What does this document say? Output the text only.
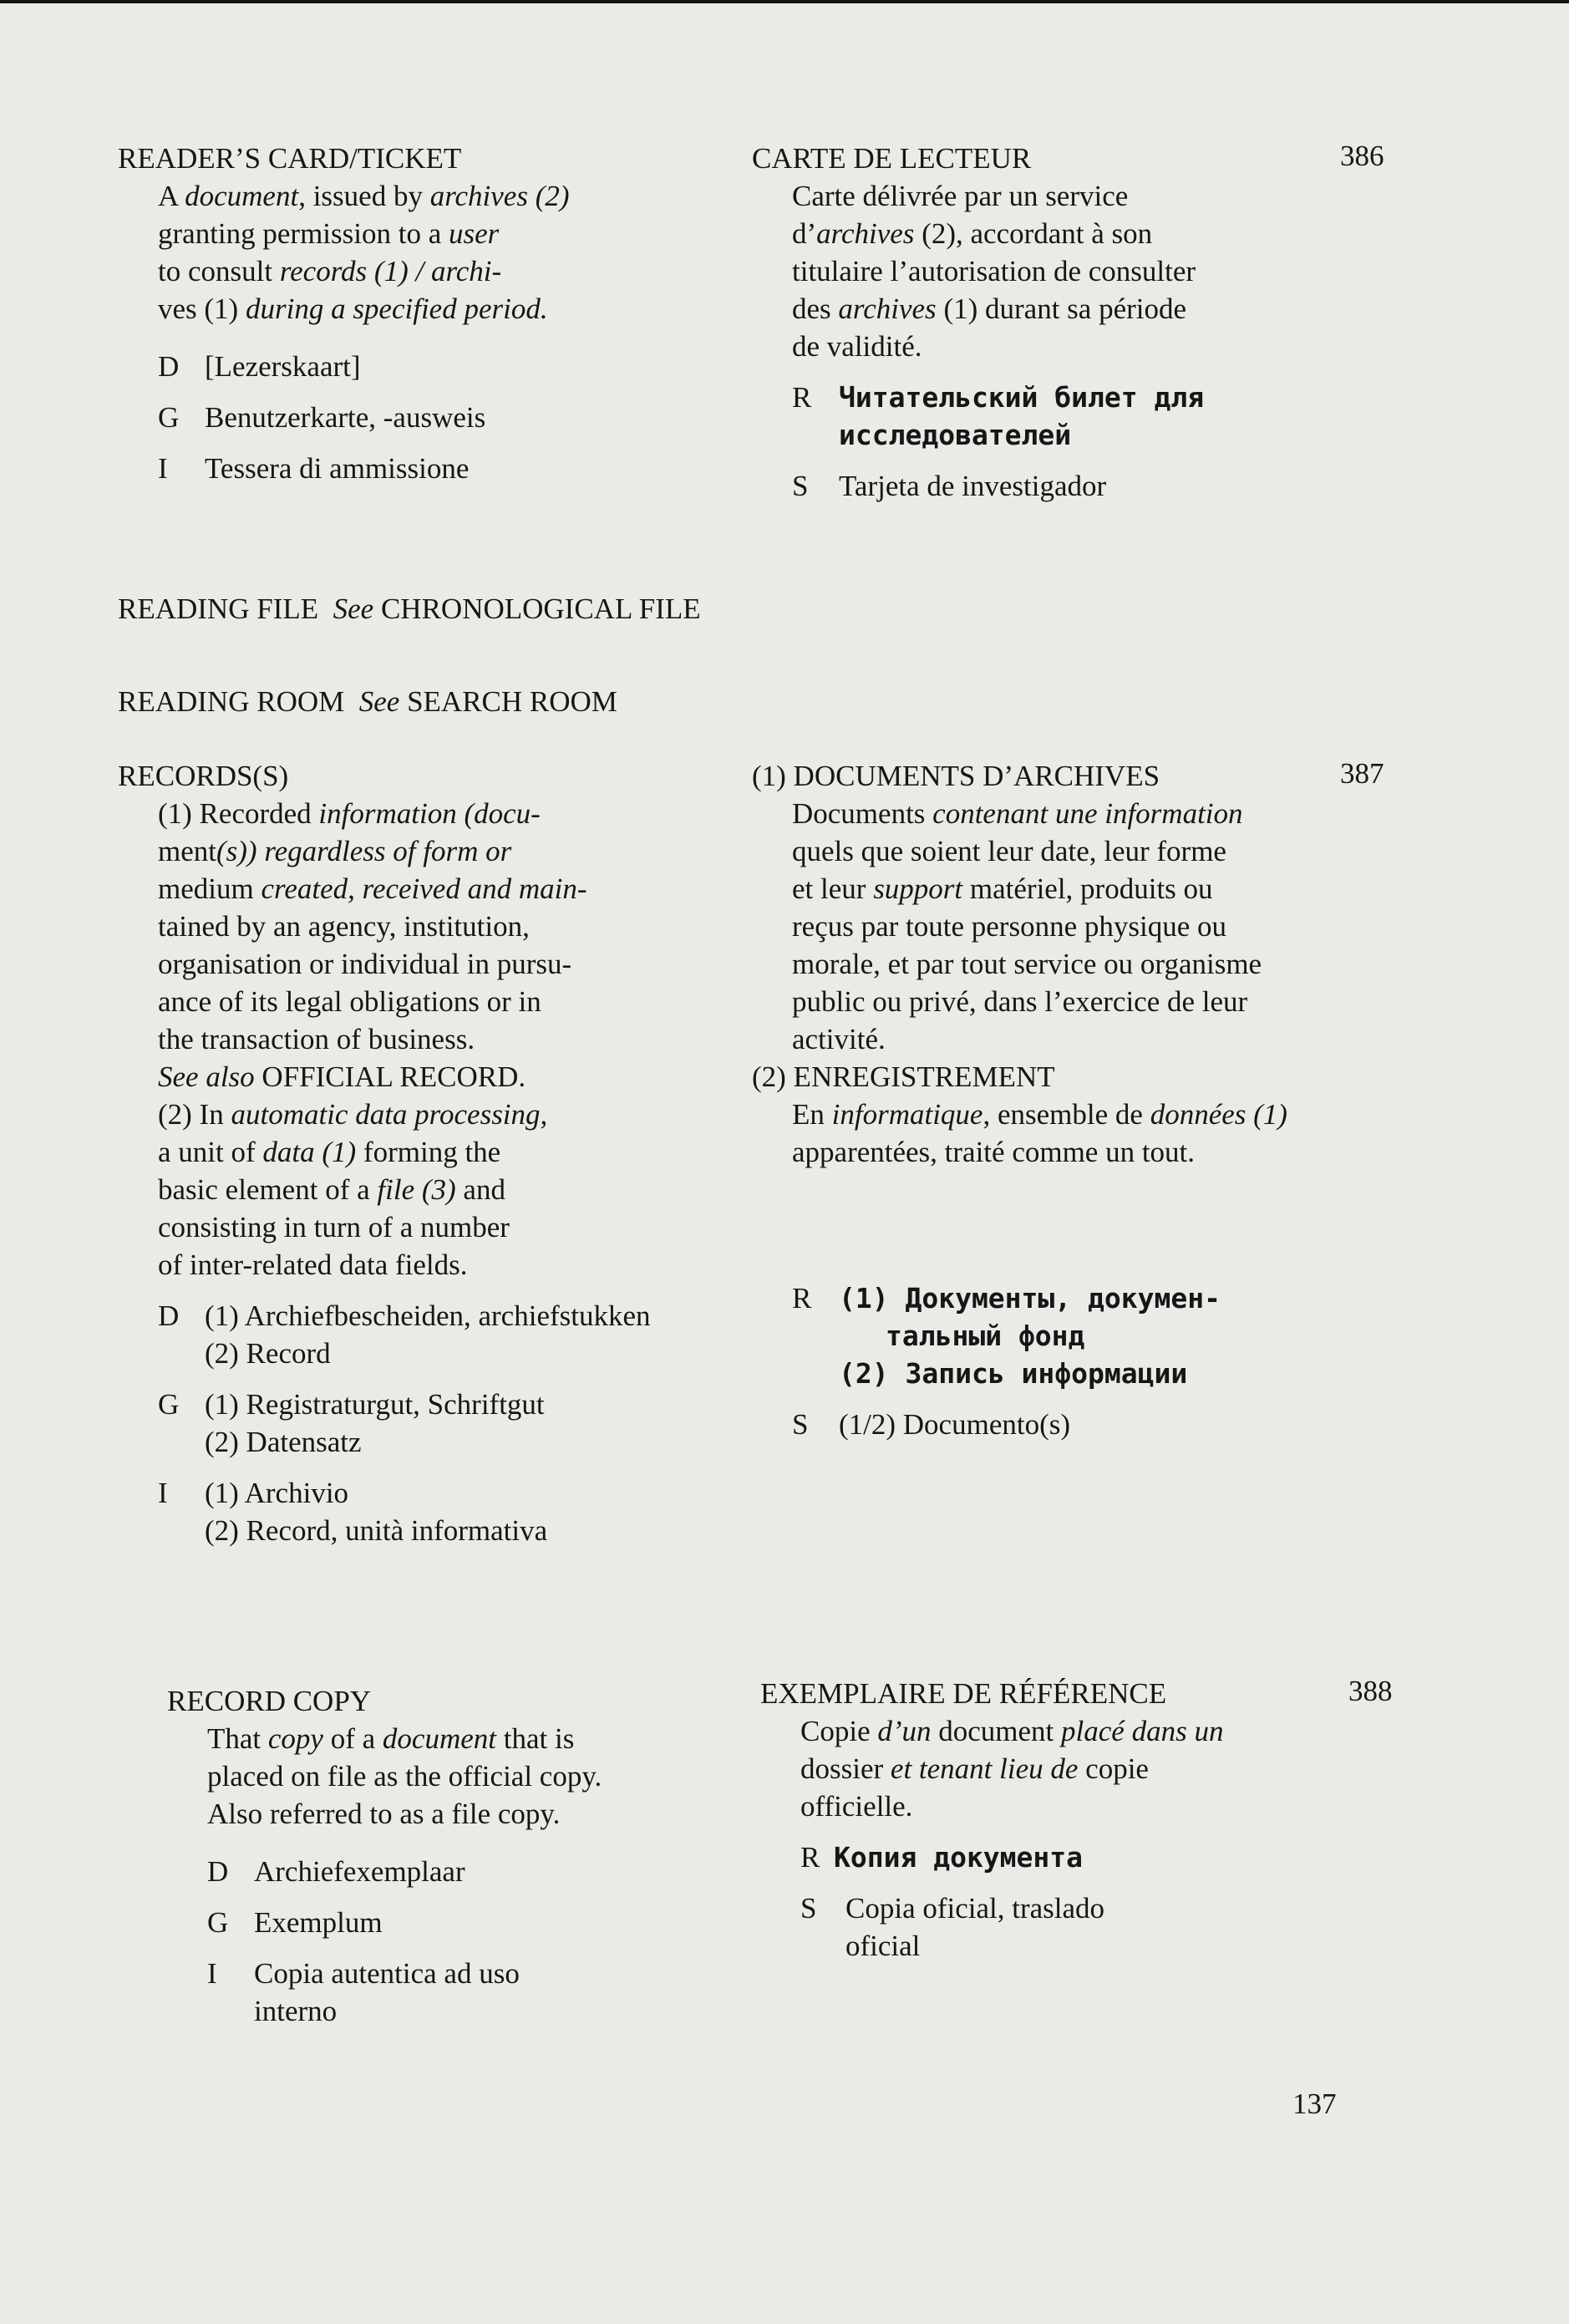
READER’S CARD/TICKET
A document, issued by archives (2)
granting permission to a user
to consult records (1) / archi-
ves (1) during a specified period.
D [Lezerskaart]
G Benutzerkarte, -ausweis
I Tessera di ammissione
CARTE DE LECTEUR
Carte délivrée par un service
d’archives (2), accordant à son
titulaire l’autorisation de consulter
des archives (1) durant sa période
de validité.
R Читательский билет для
исследователей
S Tarjeta de investigador
386
READING FILE See CHRONOLOGICAL FILE
READING ROOM See SEARCH ROOM
RECORDS(S)
(1) Recorded information (docu-
ment(s)) regardless of form or
medium created, received and main-
tained by an agency, institution,
organisation or individual in pursu-
ance of its legal obligations or in
the transaction of business.
See also OFFICIAL RECORD.
(2) In automatic data processing,
a unit of data (1) forming the
basic element of a file (3) and
consisting in turn of a number
of inter-related data fields.
D (1) Archiefbescheiden, archiefstukken
(2) Record
G (1) Registraturgut, Schriftgut
(2) Datensatz
I (1) Archivio
(2) Record, unità informativa
(1) DOCUMENTS D’ARCHIVES
Documents contenant une information
quels que soient leur date, leur forme
et leur support matériel, produits ou
reçus par toute personne physique ou
morale, et par tout service ou organisme
public ou privé, dans l’exercice de leur
activité.
(2) ENREGISTREMENT
En informatique, ensemble de données (1)
apparentées, traité comme un tout.
R (1) Документы, докумен-
тальный фонд
(2) Запись информации
S (1/2) Documento(s)
387
RECORD COPY
That copy of a document that is
placed on file as the official copy.
Also referred to as a file copy.
D Archiefexemplaar
G Exemplum
I Copia autentica ad uso
interno
EXEMPLAIRE DE RÉFÉRENCE
Copie d’un document placé dans un
dossier et tenant lieu de copie
officielle.
R Копия документа
S Copia oficial, traslado
oficial
388
137
